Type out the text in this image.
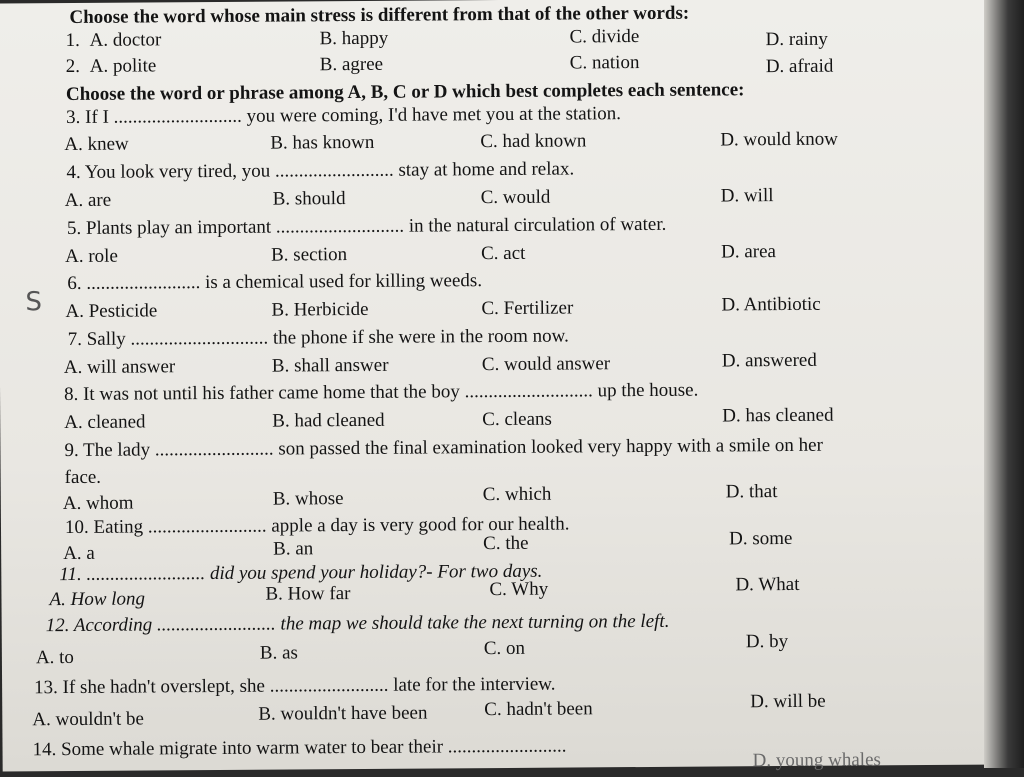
Choose the word whose main stress is different from that of the other words:
1. A. doctor	B. happy	C. divide	D. rainy
2. A. polite	B. agree	C. nation	D. afraid
Choose the word or phrase among A, B, C or D which best completes each sentence:
3. If I ........................... you were coming, I'd have met you at the station.
A. knew	B. has known	C. had known	D. would know
4. You look very tired, you ......................... stay at home and relax.
A. are	B. should	C. would	D. will
5. Plants play an important ........................... in the natural circulation of water.
A. role	B. section	C. act	D. area
6. ........................ is a chemical used for killing weeds.
S A. Pesticide	B. Herbicide	C. Fertilizer	D. Antibiotic
7. Sally ............................. the phone if she were in the room now.
A. will answer	B. shall answer	C. would answer	D. answered
8. It was not until his father came home that the boy ........................... up the house.
A. cleaned	B. had cleaned	C. cleans	D. has cleaned
9. The lady ......................... son passed the final examination looked very happy with a smile on her
face.
A. whom	B. whose	C. which	D. that
10. Eating ......................... apple a day is very good for our health.
A. a	B. an	C. the	D. some
11. ......................... did you spend your holiday?- For two days.
A. How long	B. How far	C. Why	D. What
12. According ......................... the map we should take the next turning on the left.
A. to	B. as	C. on	D. by
13. If she hadn't overslept, she ......................... late for the interview.
A. wouldn't be	B. wouldn't have been	C. hadn't been	D. will be
14. Some whale migrate into warm water to bear their .........................
D. young whales
